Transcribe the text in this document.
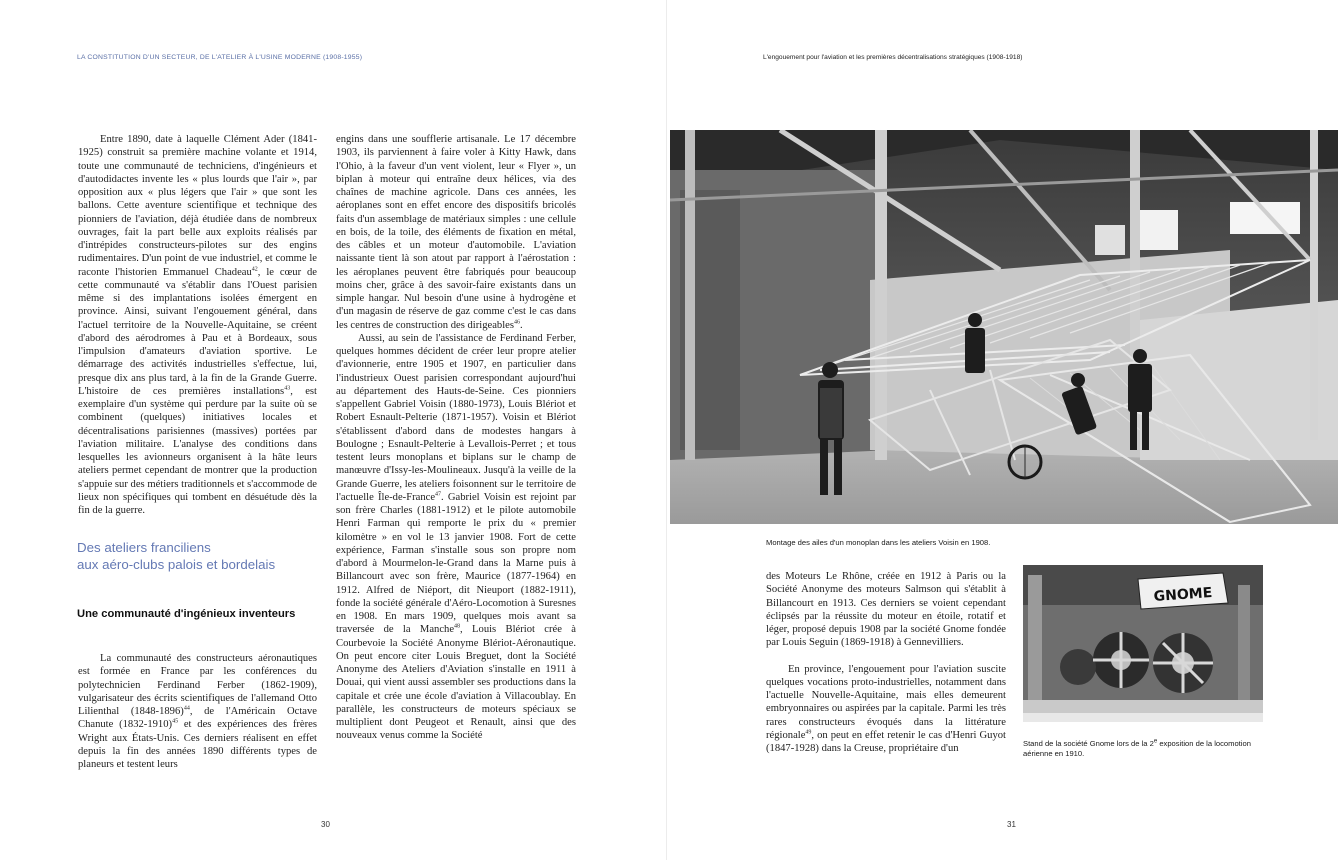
LA CONSTITUTION D'UN SECTEUR, DE L'ATELIER À L'USINE MODERNE (1908-1955)

Entre 1890, date à laquelle Clément Ader (1841-1925) construit sa première machine volante et 1914, toute une communauté de techniciens, d'ingénieurs et d'autodidactes invente les « plus lourds que l'air », par opposition aux « plus légers que l'air » que sont les ballons. Cette aventure scientifique et technique des pionniers de l'aviation, déjà étudiée dans de nombreux ouvrages, fait la part belle aux exploits réalisés par d'intrépides constructeurs-pilotes sur des engins rudimentaires. D'un point de vue industriel, et comme le raconte l'historien Emmanuel Chadeau$^{42}$, le cœur de cette communauté va s'établir dans l'Ouest parisien même si des implantations isolées émergent en province. Ainsi, suivant l'engouement général, dans l'actuel territoire de la Nouvelle-Aquitaine, se créent d'abord des aérodromes à Pau et à Bordeaux, sous l'impulsion d'amateurs d'aviation sportive. Le démarrage des activités industrielles s'effectue, lui, presque dix ans plus tard, à la fin de la Grande Guerre. L'histoire de ces premières installations$^{43}$, est exemplaire d'un système qui perdure par la suite où se combinent (quelques) initiatives locales et décentralisations parisiennes (massives) portées par l'aviation militaire. L'analyse des conditions dans lesquelles les avionneurs organisent à la hâte leurs ateliers permet cependant de montrer que la production s'appuie sur des métiers traditionnels et s'accommode de lieux non spécifiques qui tombent en désuétude dès la fin de la guerre.

Des ateliers franciliens
aux aéro-clubs palois et bordelais
Une communauté d'ingénieux inventeurs

La communauté des constructeurs aéronautiques est formée en France par les conférences du polytechnicien Ferdinand Ferber (1862-1909), vulgarisateur des écrits scientifiques de l'allemand Otto Lilienthal (1848-1896)$^{44}$, de l'Américain Octave Chanute (1832-1910)$^{45}$ et des expériences des frères Wright aux États-Unis. Ces derniers réalisent en effet depuis la fin des années 1890 différents types de planeurs et testent leurs

engins dans une soufflerie artisanale. Le 17 décembre 1903, ils parviennent à faire voler à Kitty Hawk, dans l'Ohio, à la faveur d'un vent violent, leur « Flyer », un biplan à moteur qui entraîne deux hélices, via des chaînes de machine agricole. Dans ces années, les aéroplanes sont en effet encore des dispositifs bricolés faits d'un assemblage de matériaux simples : une cellule en bois, de la toile, des éléments de fixation en métal, des câbles et un moteur d'automobile. L'aviation naissante tient là son atout par rapport à l'aérostation : les aéroplanes peuvent être fabriqués pour beaucoup moins cher, grâce à des savoir-faire existants dans un simple hangar. Nul besoin d'une usine à hydrogène et d'un magasin de réserve de gaz comme c'est le cas dans les centres de construction des dirigeables$^{46}$.

Aussi, au sein de l'assistance de Ferdinand Ferber, quelques hommes décident de créer leur propre atelier d'avionnerie, entre 1905 et 1907, en particulier dans l'industrieux Ouest parisien correspondant aujourd'hui au département des Hauts-de-Seine. Ces pionniers s'appellent Gabriel Voisin (1880-1973), Louis Blériot et Robert Esnault-Pelterie (1871-1957). Voisin et Blériot s'établissent d'abord dans de modestes hangars à Boulogne ; Esnault-Pelterie à Levallois-Perret ; et tous testent leurs monoplans et biplans sur le champ de manœuvre d'Issy-les-Moulineaux. Jusqu'à la veille de la Grande Guerre, les ateliers foisonnent sur le territoire de l'actuelle Île-de-France$^{47}$. Gabriel Voisin est rejoint par son frère Charles (1881-1912) et le pilote automobile Henri Farman qui remporte le prix du « premier kilomètre » en vol le 13 janvier 1908. Fort de cette expérience, Farman s'installe sous son propre nom d'abord à Mourmelon-le-Grand dans la Marne puis à Billancourt avec son frère, Maurice (1877-1964) en 1912. Alfred de Niéport, dit Nieuport (1882-1911), fonde la société générale d'Aéro-Locomotion à Suresnes en 1908. En mars 1909, quelques mois avant sa traversée de la Manche$^{48}$, Louis Blériot crée à Courbevoie la Société Anonyme Blériot-Aéronautique. On peut encore citer Louis Breguet, dont la Société Anonyme des Ateliers d'Aviation s'installe en 1911 à Douai, qui vient aussi assembler ses productions dans la capitale et crée une école d'aviation à Villacoublay. En parallèle, les constructeurs de moteurs spéciaux se multiplient dont Peugeot et Renault, ainsi que des nouveaux venus comme la Société

30
L'engouement pour l'aviation et les premières décentralisations stratégiques (1908-1918)
Montage des ailes d'un monoplan dans les ateliers Voisin en 1908.

des Moteurs Le Rhône, créée en 1912 à Paris ou la Société Anonyme des moteurs Salmson qui s'établit à Billancourt en 1913. Ces derniers se voient cependant éclipsés par la réussite du moteur en étoile, rotatif et léger, proposé depuis 1908 par la société Gnome fondée par Louis Seguin (1869-1918) à Gennevilliers.

En province, l'engouement pour l'aviation suscite quelques vocations proto-industrielles, notamment dans l'actuelle Nouvelle-Aquitaine, mais elles demeurent embryonnaires ou aspirées par la capitale. Parmi les très rares constructeurs évoqués dans la littérature régionale$^{49}$, on peut en effet retenir le cas d'Henri Guyot (1847-1928) dans la Creuse, propriétaire d'un

GNOME
Stand de la société Gnome lors de la 2e exposition de la locomotion aérienne en 1910.
31
